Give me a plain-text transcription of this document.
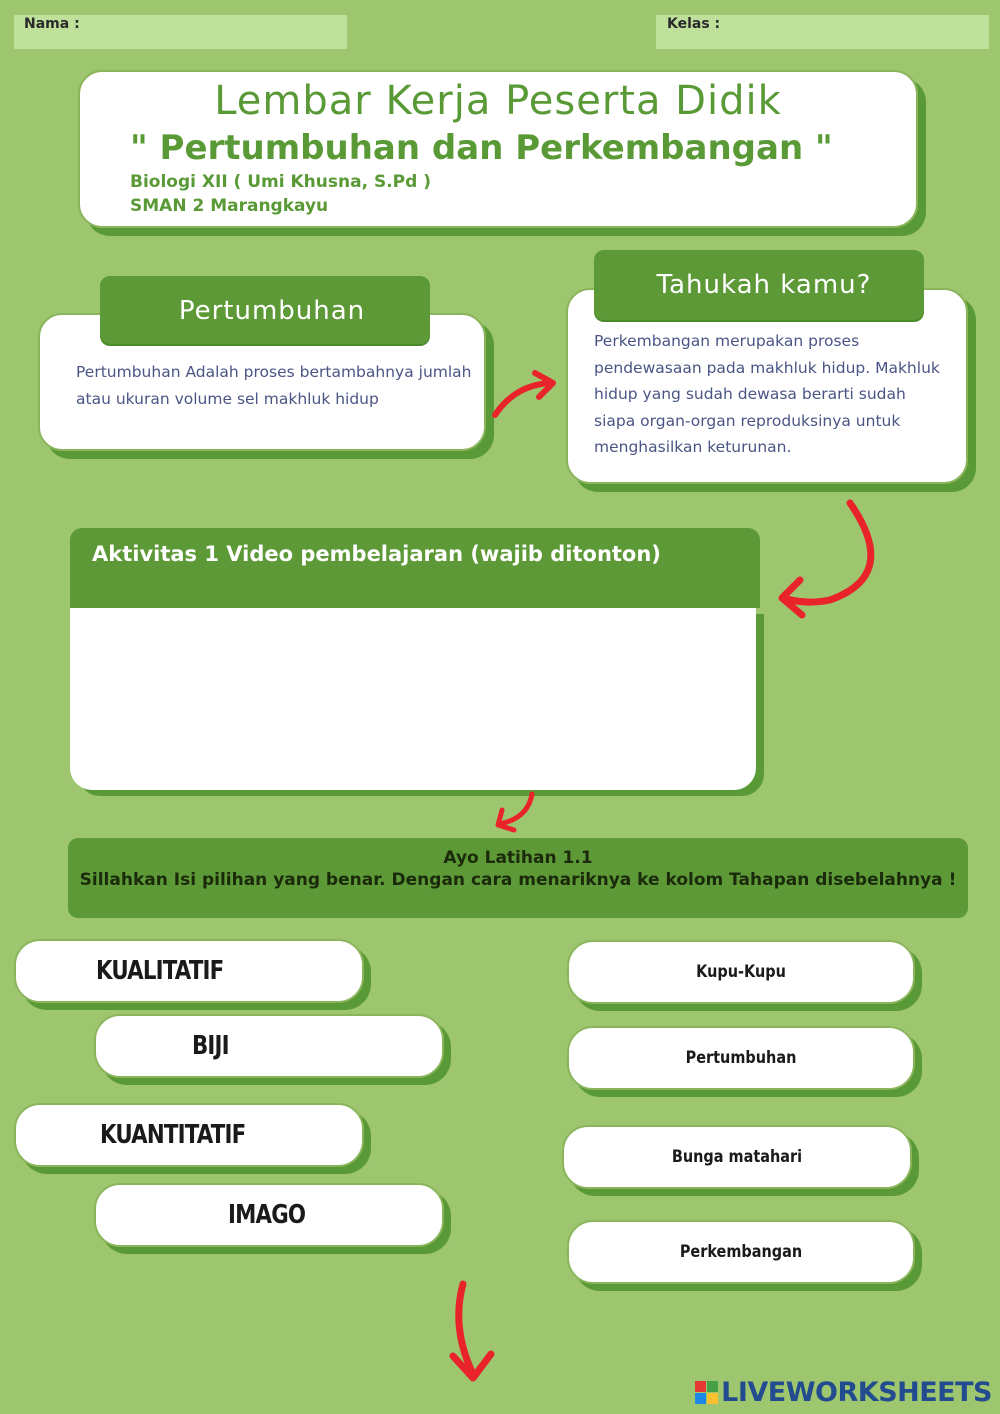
Nama :	Kelas :
Lembar Kerja Peserta Didik
" Pertumbuhan dan Perkembangan "
Biologi XII ( Umi Khusna, S.Pd )
SMAN 2 Marangkayu
Pertumbuhan Adalah proses bertambahnya jumlah atau ukuran volume sel makhluk hidup
Pertumbuhan
Perkembangan merupakan proses pendewasaan pada makhluk hidup. Makhluk hidup yang sudah dewasa berarti sudah siapa organ-organ reproduksinya untuk menghasilkan keturunan.
Tahukah kamu?
Aktivitas 1 Video pembelajaran (wajib ditonton)
Ayo Latihan 1.1
Sillahkan Isi pilihan yang benar. Dengan cara menariknya ke kolom Tahapan disebelahnya !
KUALITATIF
BIJI
KUANTITATIF
IMAGO
Kupu-Kupu
Pertumbuhan
Bunga matahari
Perkembangan
LIVEWORKSHEETS
